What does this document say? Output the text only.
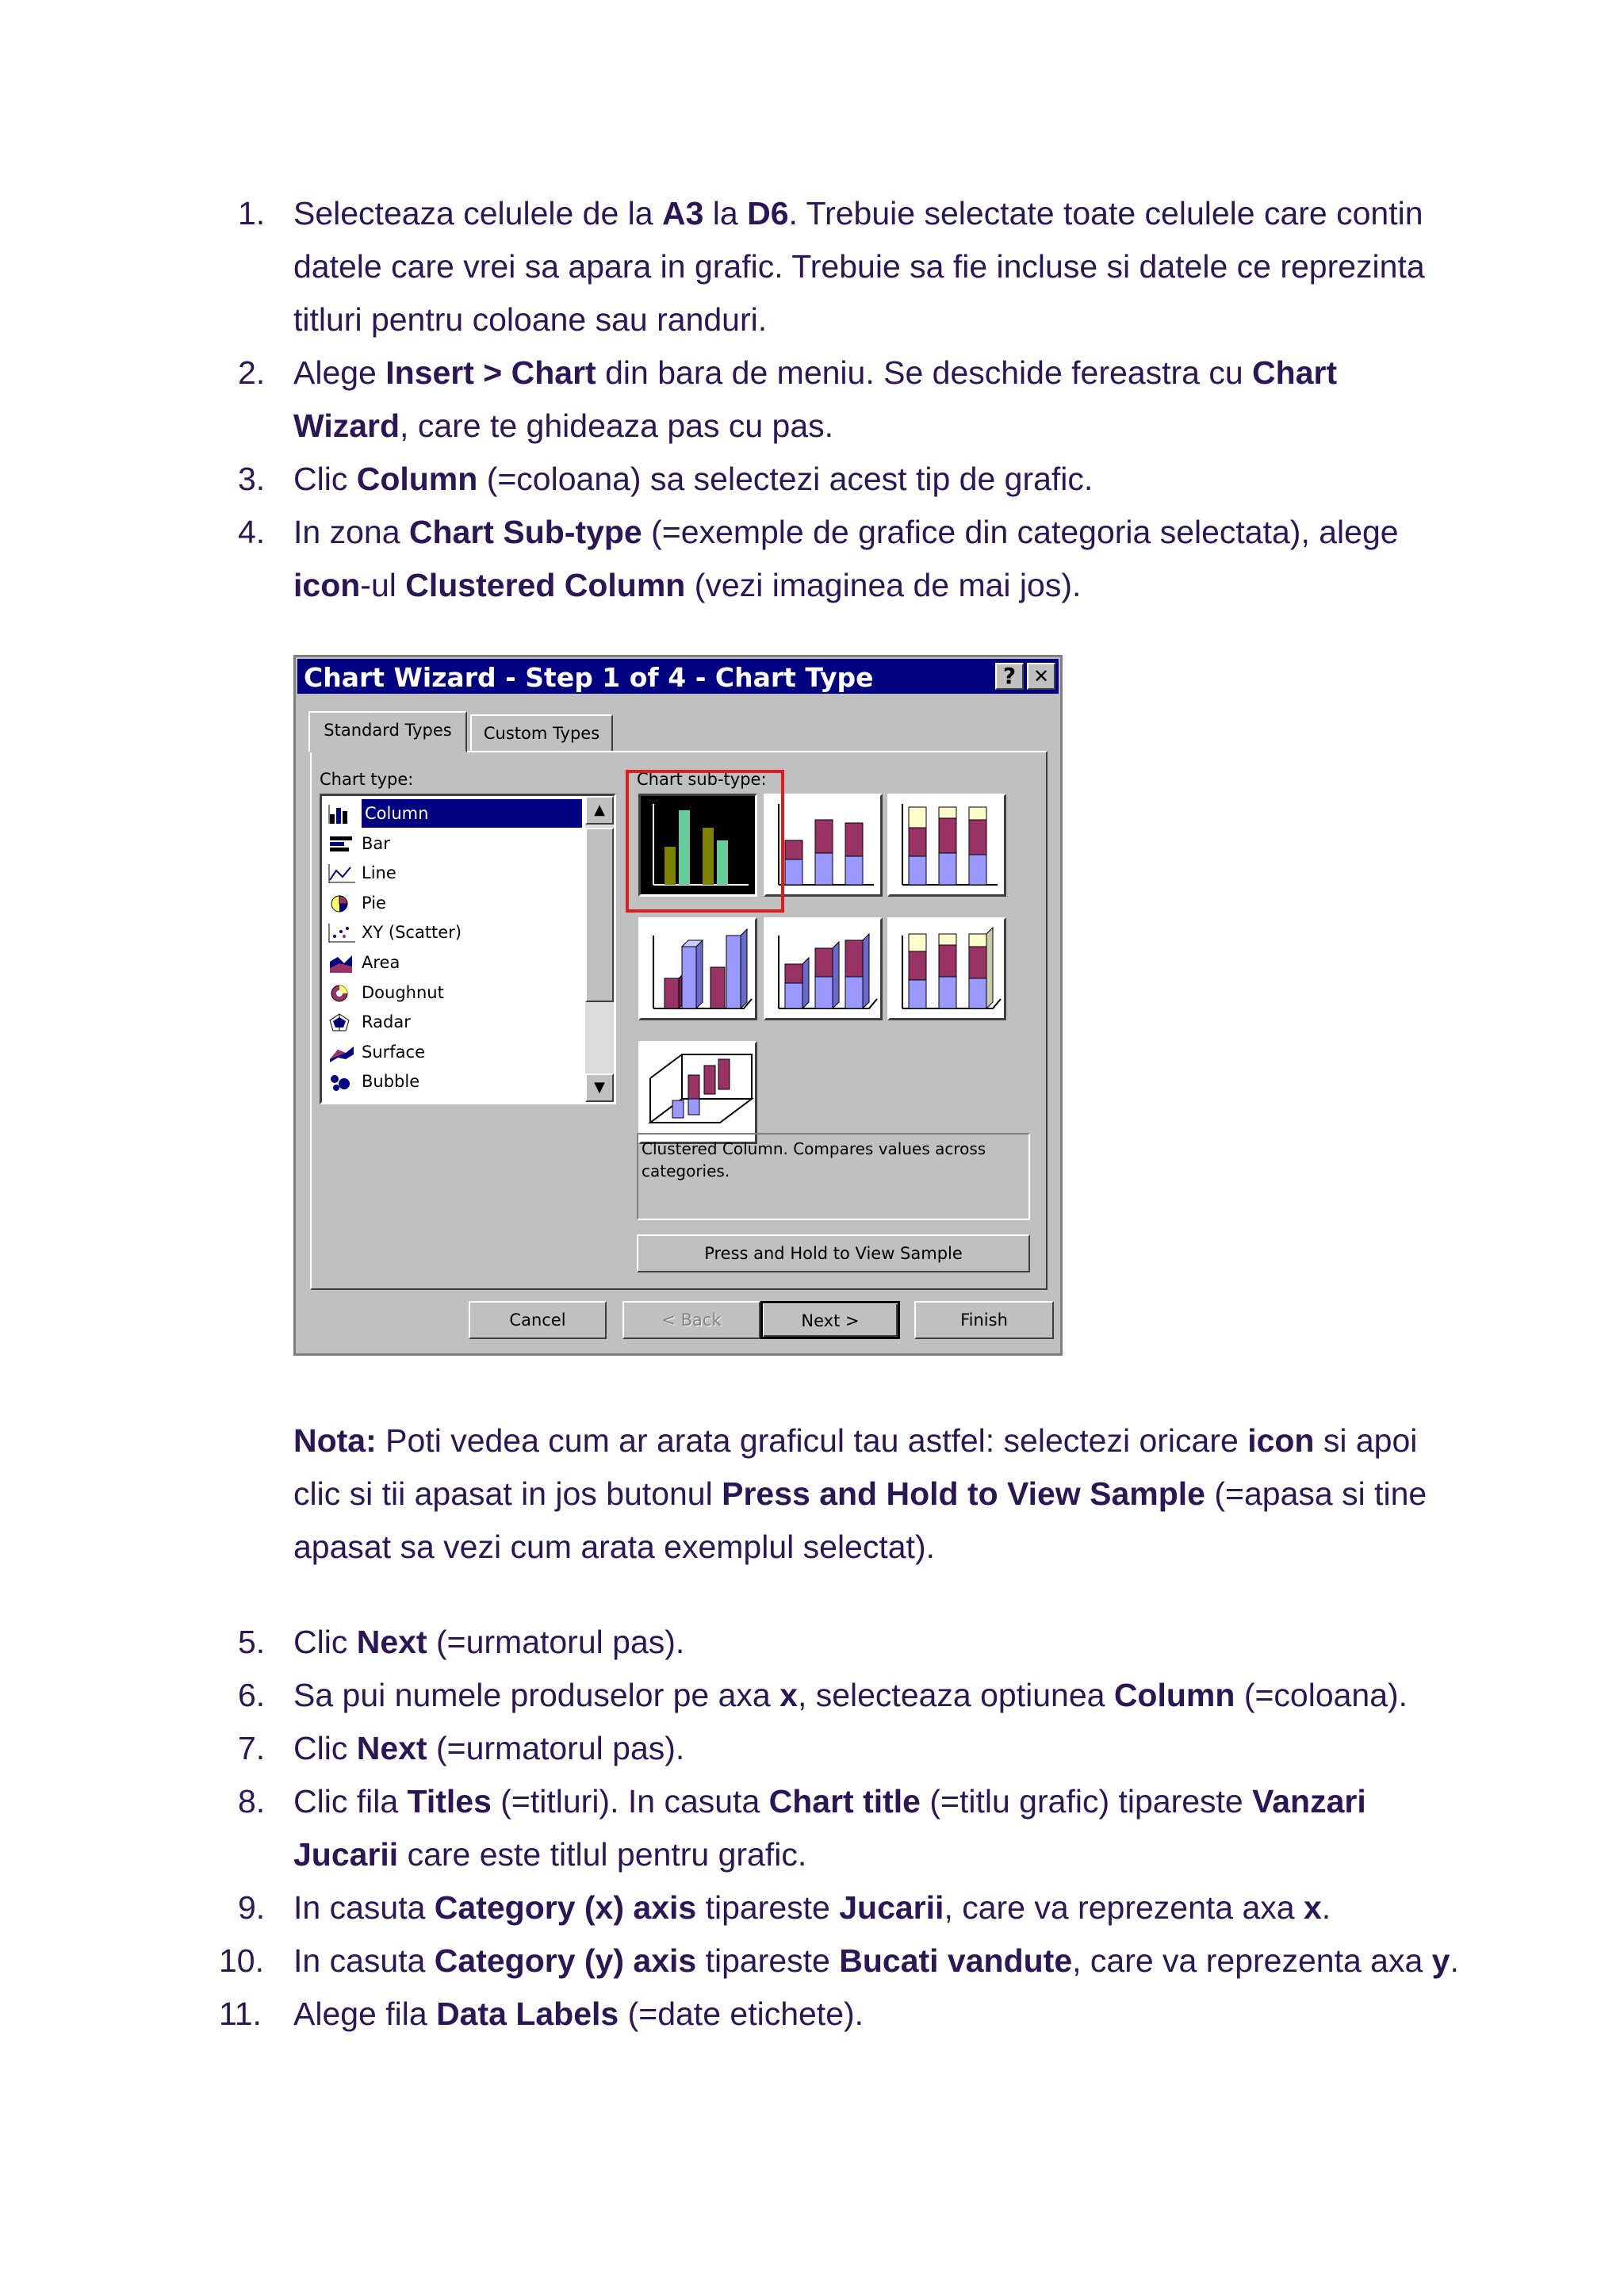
1. Selecteaza celulele de la A3 la D6. Trebuie selectate toate celulele care contin datele care vrei sa apara in grafic. Trebuie sa fie incluse si datele ce reprezinta titluri pentru coloane sau randuri.
2. Alege Insert > Chart din bara de meniu. Se deschide fereastra cu Chart Wizard, care te ghideaza pas cu pas.
3. Clic Column (=coloana) sa selectezi acest tip de grafic.
4. In zona Chart Sub-type (=exemple de grafice din categoria selectata), alege icon-ul Clustered Column (vezi imaginea de mai jos).
Chart Wizard - Step 1 of 4 - Chart Type	? ✕
Standard Types	Custom Types
Chart type:
Column
Bar
Line
Pie
XY (Scatter)
Area
Doughnut
Radar
Surface
Bubble
▲
▼
Chart sub-type:
Clustered Column. Compares values across categories.
Press and Hold to View Sample
Cancel	< Back	Next >	Finish
Nota: Poti vedea cum ar arata graficul tau astfel: selectezi oricare icon si apoi clic si tii apasat in jos butonul Press and Hold to View Sample (=apasa si tine apasat sa vezi cum arata exemplul selectat).
5. Clic Next (=urmatorul pas).
6. Sa pui numele produselor pe axa x, selecteaza optiunea Column (=coloana).
7. Clic Next (=urmatorul pas).
8. Clic fila Titles (=titluri). In casuta Chart title (=titlu grafic) tipareste Vanzari Jucarii care este titlul pentru grafic.
9. In casuta Category (x) axis tipareste Jucarii, care va reprezenta axa x.
10. In casuta Category (y) axis tipareste Bucati vandute, care va reprezenta axa y.
11. Alege fila Data Labels (=date etichete).
